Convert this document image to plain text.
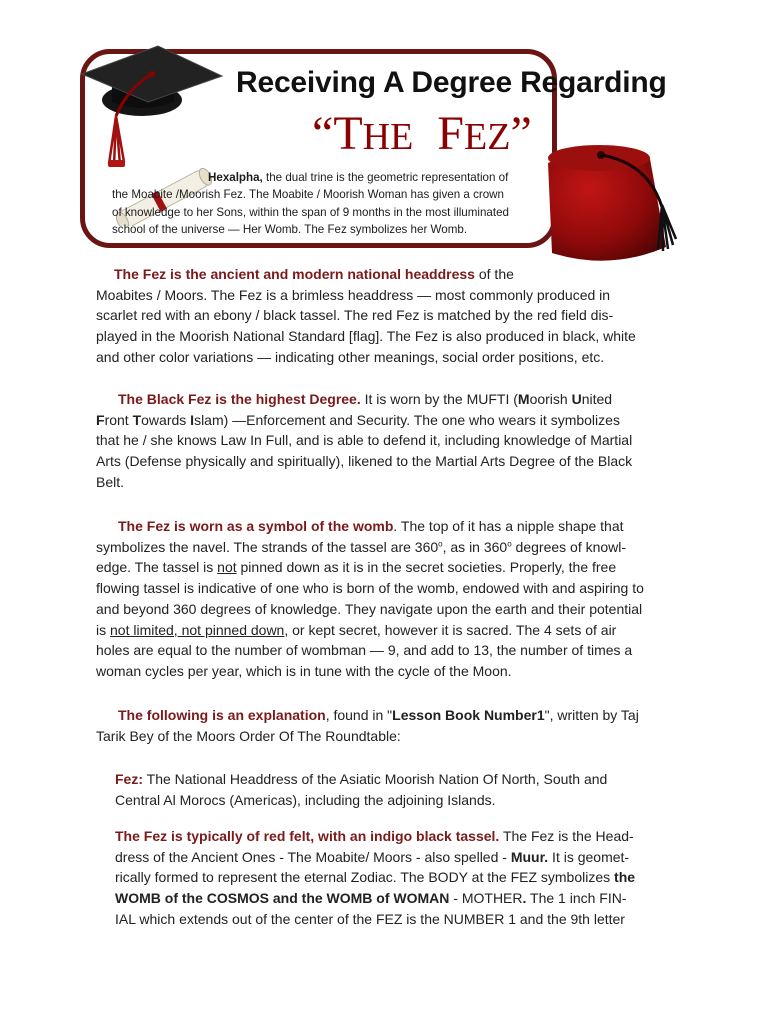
Receiving A Degree Regarding
“THE FEZ”
Hexalpha, the dual trine is the geometric representation of
the Moabite /Moorish Fez. The Moabite / Moorish Woman has given a crown
of knowledge to her Sons, within the span of 9 months in the most illuminated
school of the universe — Her Womb. The Fez symbolizes her Womb.
The Fez is the ancient and modern national headdress of the
Moabites / Moors. The Fez is a brimless headdress — most commonly produced in
scarlet red with an ebony / black tassel. The red Fez is matched by the red field dis-
played in the Moorish National Standard [flag]. The Fez is also produced in black, white
and other color variations — indicating other meanings, social order positions, etc.
The Black Fez is the highest Degree. It is worn by the MUFTI (Moorish United
Front Towards Islam) —Enforcement and Security. The one who wears it symbolizes
that he / she knows Law In Full, and is able to defend it, including knowledge of Martial
Arts (Defense physically and spiritually), likened to the Martial Arts Degree of the Black
Belt.
The Fez is worn as a symbol of the womb. The top of it has a nipple shape that
symbolizes the navel. The strands of the tassel are 360$^o$, as in 360$^o$ degrees of knowl-
edge. The tassel is not pinned down as it is in the secret societies. Properly, the free
flowing tassel is indicative of one who is born of the womb, endowed with and aspiring to
and beyond 360 degrees of knowledge. They navigate upon the earth and their potential
is not limited, not pinned down, or kept secret, however it is sacred. The 4 sets of air
holes are equal to the number of wombman — 9, and add to 13, the number of times a
woman cycles per year, which is in tune with the cycle of the Moon.
The following is an explanation, found in "Lesson Book Number1", written by Taj
Tarik Bey of the Moors Order Of The Roundtable:
Fez: The National Headdress of the Asiatic Moorish Nation Of North, South and
Central Al Morocs (Americas), including the adjoining Islands.
The Fez is typically of red felt, with an indigo black tassel. The Fez is the Head-
dress of the Ancient Ones - The Moabite/ Moors - also spelled - Muur. It is geomet-
rically formed to represent the eternal Zodiac. The BODY at the FEZ symbolizes the
WOMB of the COSMOS and the WOMB of WOMAN - MOTHER. The 1 inch FIN-
IAL which extends out of the center of the FEZ is the NUMBER 1 and the 9th letter
